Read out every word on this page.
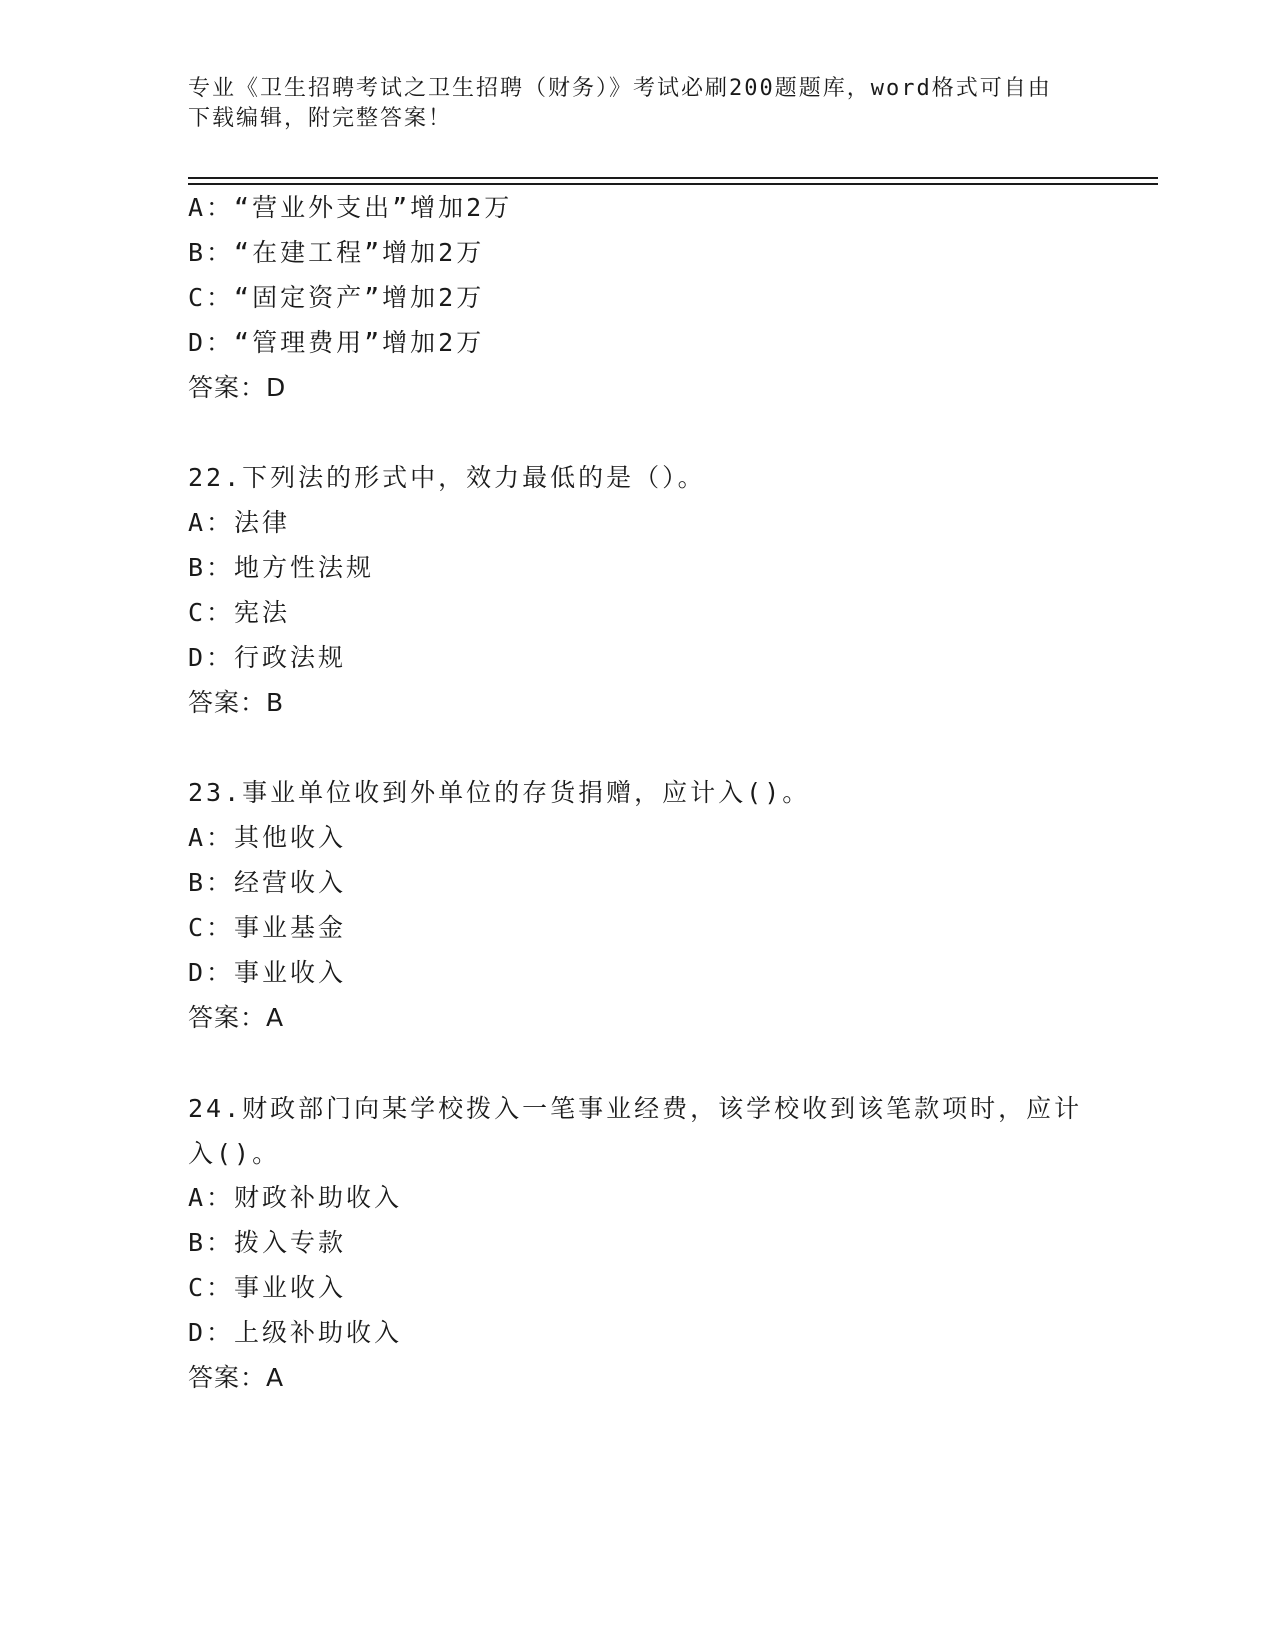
专业《卫生招聘考试之卫生招聘（财务）》考试必刷200题题库，word格式可自由下载编辑，附完整答案！
A：“营业外支出”增加2万
B：“在建工程”增加2万
C：“固定资产”增加2万
D：“管理费用”增加2万
答案：D
22.下列法的形式中，效力最低的是（）。
A：法律
B：地方性法规
C：宪法
D：行政法规
答案：B
23.事业单位收到外单位的存货捐赠，应计入()。
A：其他收入
B：经营收入
C：事业基金
D：事业收入
答案：A
24.财政部门向某学校拨入一笔事业经费，该学校收到该笔款项时，应计入()。
A：财政补助收入
B：拨入专款
C：事业收入
D：上级补助收入
答案：A
